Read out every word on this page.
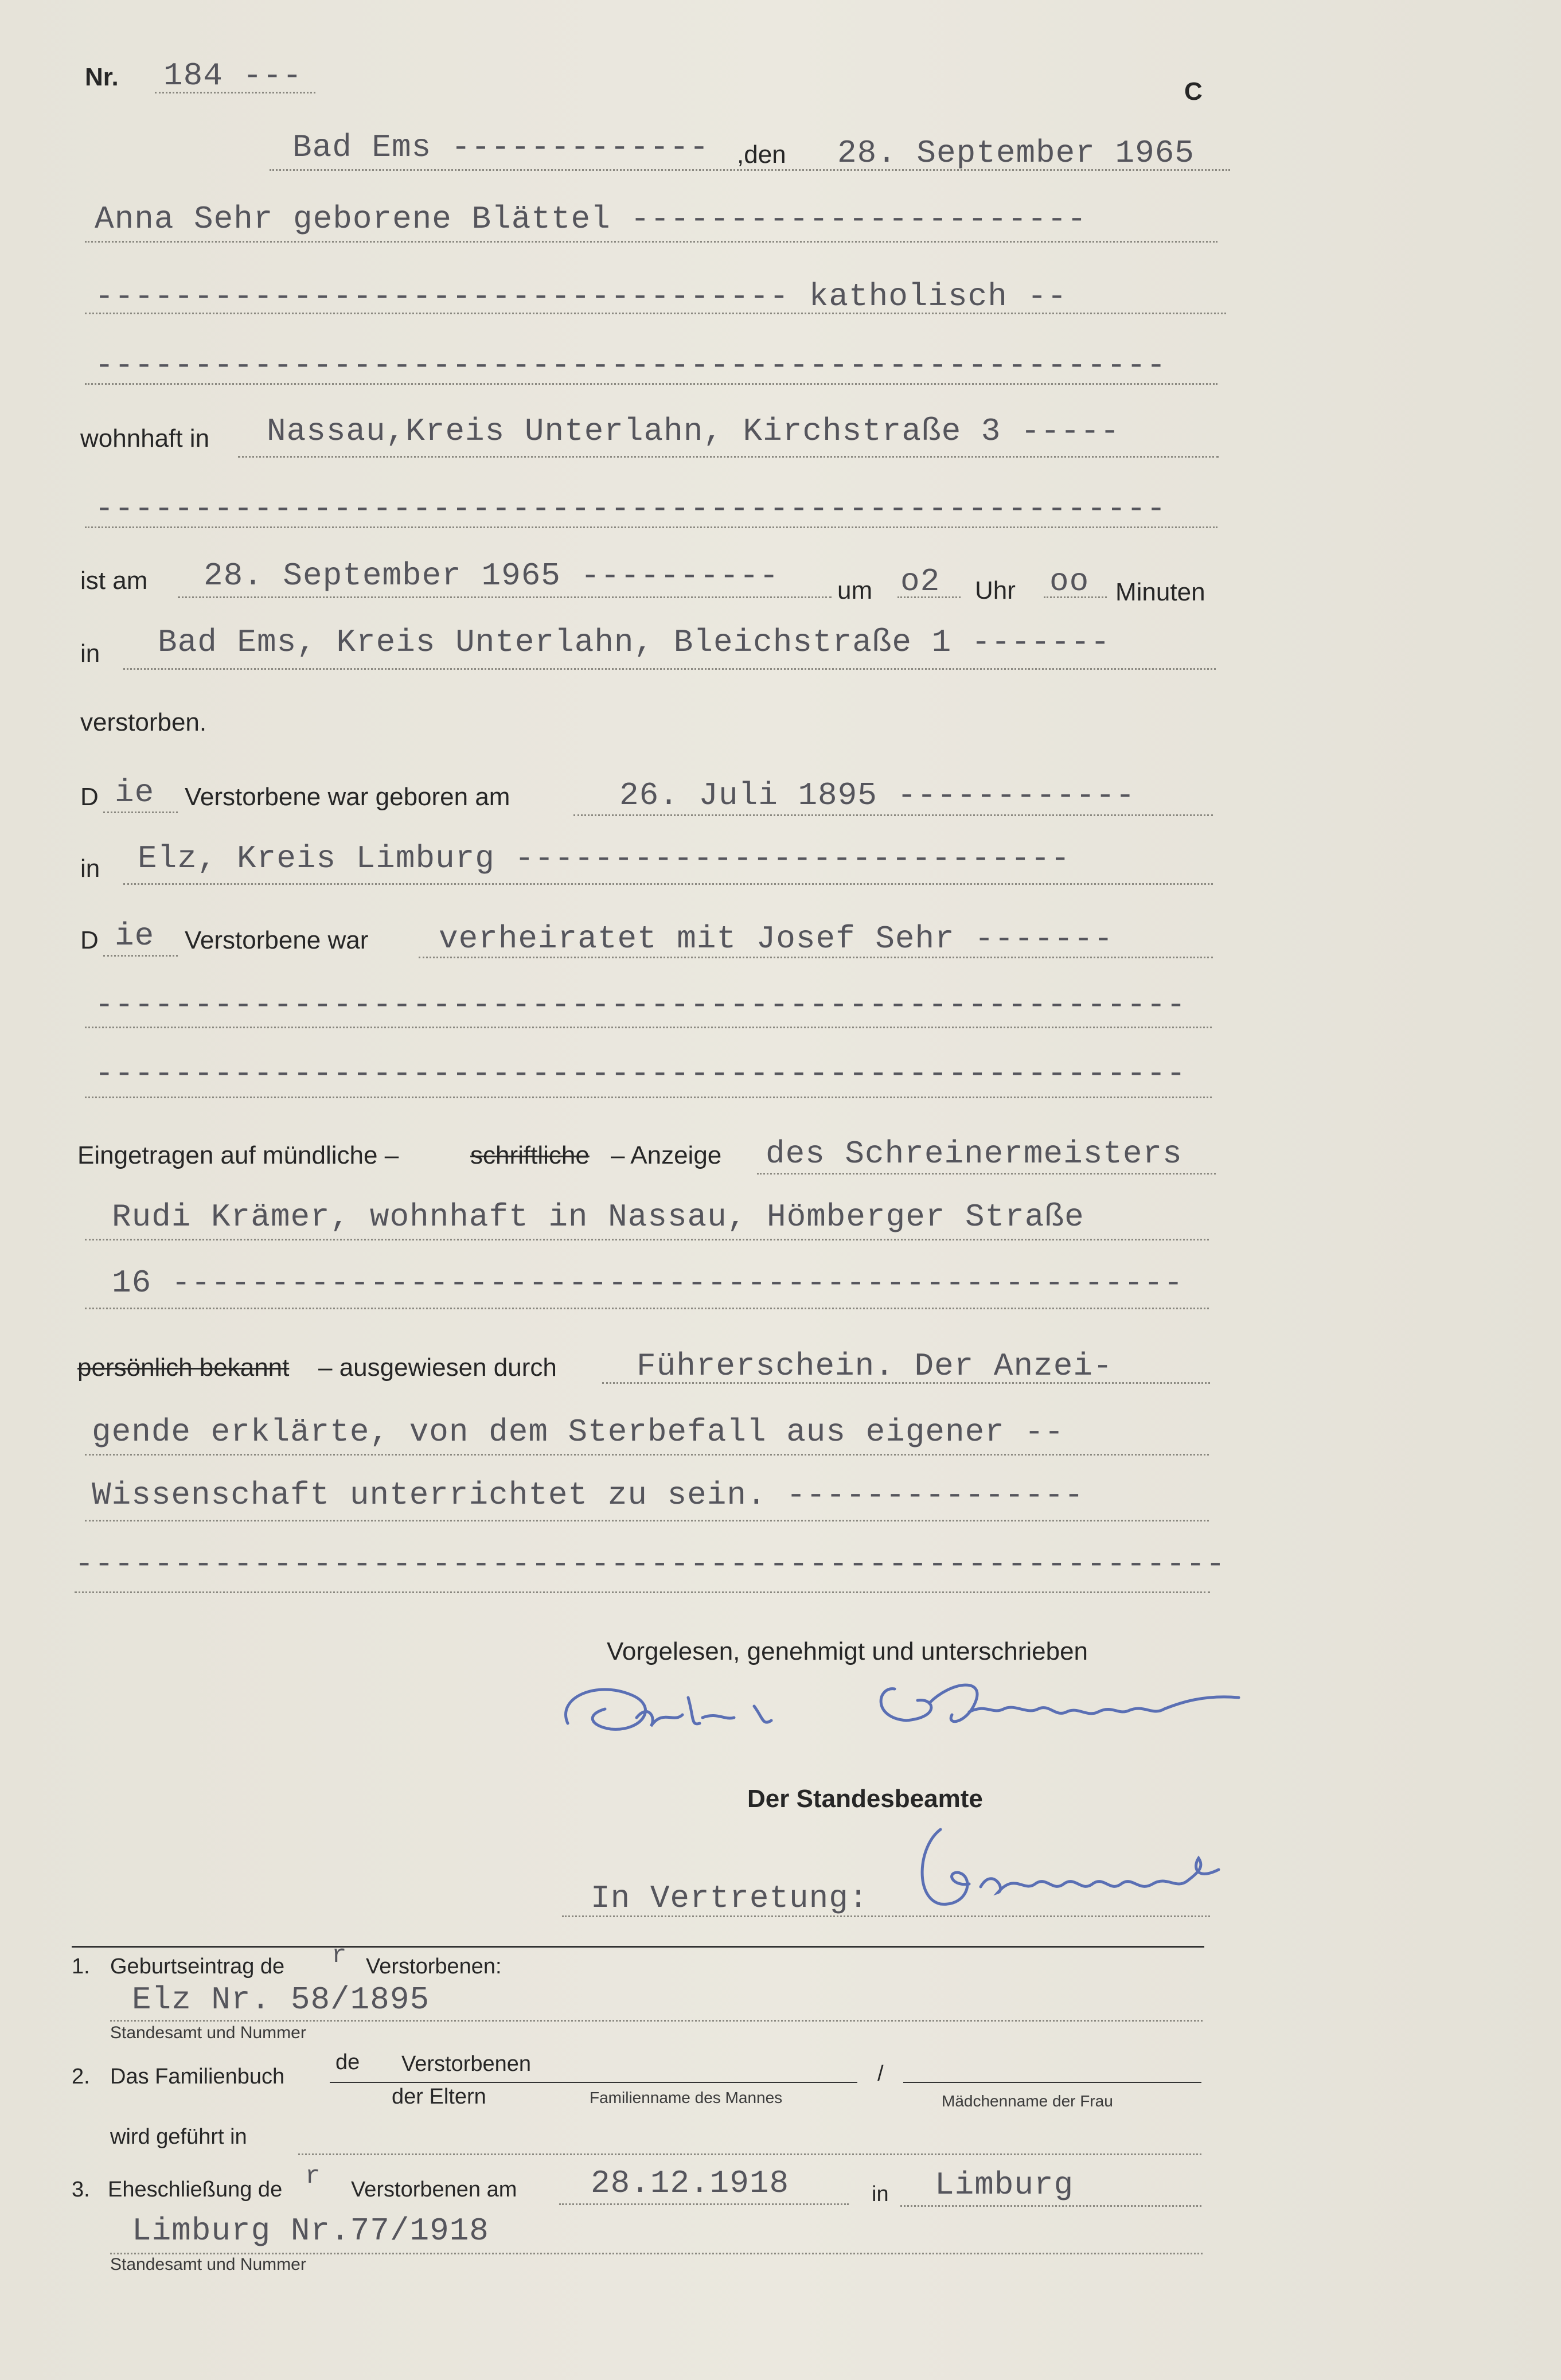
Nr. 184 ---	C
Bad Ems ------------- ,den 28. September 1965
Anna Sehr geborene Blättel -----------------------
----------------------------------- katholisch --
------------------------------------------------------
wohnhaft in Nassau,Kreis Unterlahn, Kirchstraße 3 -----
------------------------------------------------------
ist am 28. September 1965 ---------- um o2 Uhr oo Minuten
in Bad Ems, Kreis Unterlahn, Bleichstraße 1 -------
verstorben.
D ie Verstorbene war geboren am	26. Juli 1895 ------------
in Elz, Kreis Limburg ----------------------------
D ie Verstorbene war verheiratet mit Josef Sehr -------
-------------------------------------------------------
-------------------------------------------------------
Eingetragen auf mündliche –	schriftliche – Anzeige des Schreinermeisters
Rudi Krämer, wohnhaft in Nassau, Hömberger Straße
16 ---------------------------------------------------
persönlich bekannt – ausgewiesen durch Führerschein. Der Anzei-
gende erklärte, von dem Sterbefall aus eigener --
Wissenschaft unterrichtet zu sein. ---------------
----------------------------------------------------------
Vorgelesen, genehmigt und unterschrieben
Der Standesbeamte
In Vertretung:
1. Geburtseintrag de r Verstorbenen:
Elz Nr. 58/1895
Standesamt und Nummer
2. Das Familienbuch
de Verstorbenen
der Eltern	Familienname des Mannes
/
Mädchenname der Frau
wird geführt in
3. Eheschließung de r Verstorbenen am 28.12.1918	in Limburg
Limburg Nr.77/1918
Standesamt und Nummer
